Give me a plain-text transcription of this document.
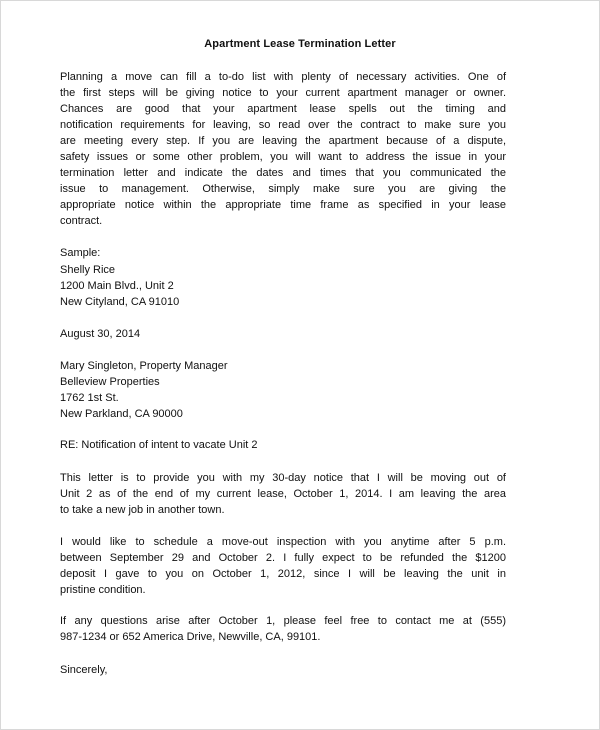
Apartment Lease Termination Letter
Planning a move can fill a to-do list with plenty of necessary activities. One of
the first steps will be giving notice to your current apartment manager or owner.
Chances are good that your apartment lease spells out the timing and
notification requirements for leaving, so read over the contract to make sure you
are meeting every step. If you are leaving the apartment because of a dispute,
safety issues or some other problem, you will want to address the issue in your
termination letter and indicate the dates and times that you communicated the
issue to management. Otherwise, simply make sure you are giving the
appropriate notice within the appropriate time frame as specified in your lease
contract.
Sample:
Shelly Rice
1200 Main Blvd., Unit 2
New Cityland, CA 91010
August 30, 2014
Mary Singleton, Property Manager
Belleview Properties
1762 1st St.
New Parkland, CA 90000
RE: Notification of intent to vacate Unit 2
This letter is to provide you with my 30-day notice that I will be moving out of
Unit 2 as of the end of my current lease, October 1, 2014. I am leaving the area
to take a new job in another town.
I would like to schedule a move-out inspection with you anytime after 5 p.m.
between September 29 and October 2. I fully expect to be refunded the $1200
deposit I gave to you on October 1, 2012, since I will be leaving the unit in
pristine condition.
If any questions arise after October 1, please feel free to contact me at (555)
987-1234 or 652 America Drive, Newville, CA, 99101.
Sincerely,
